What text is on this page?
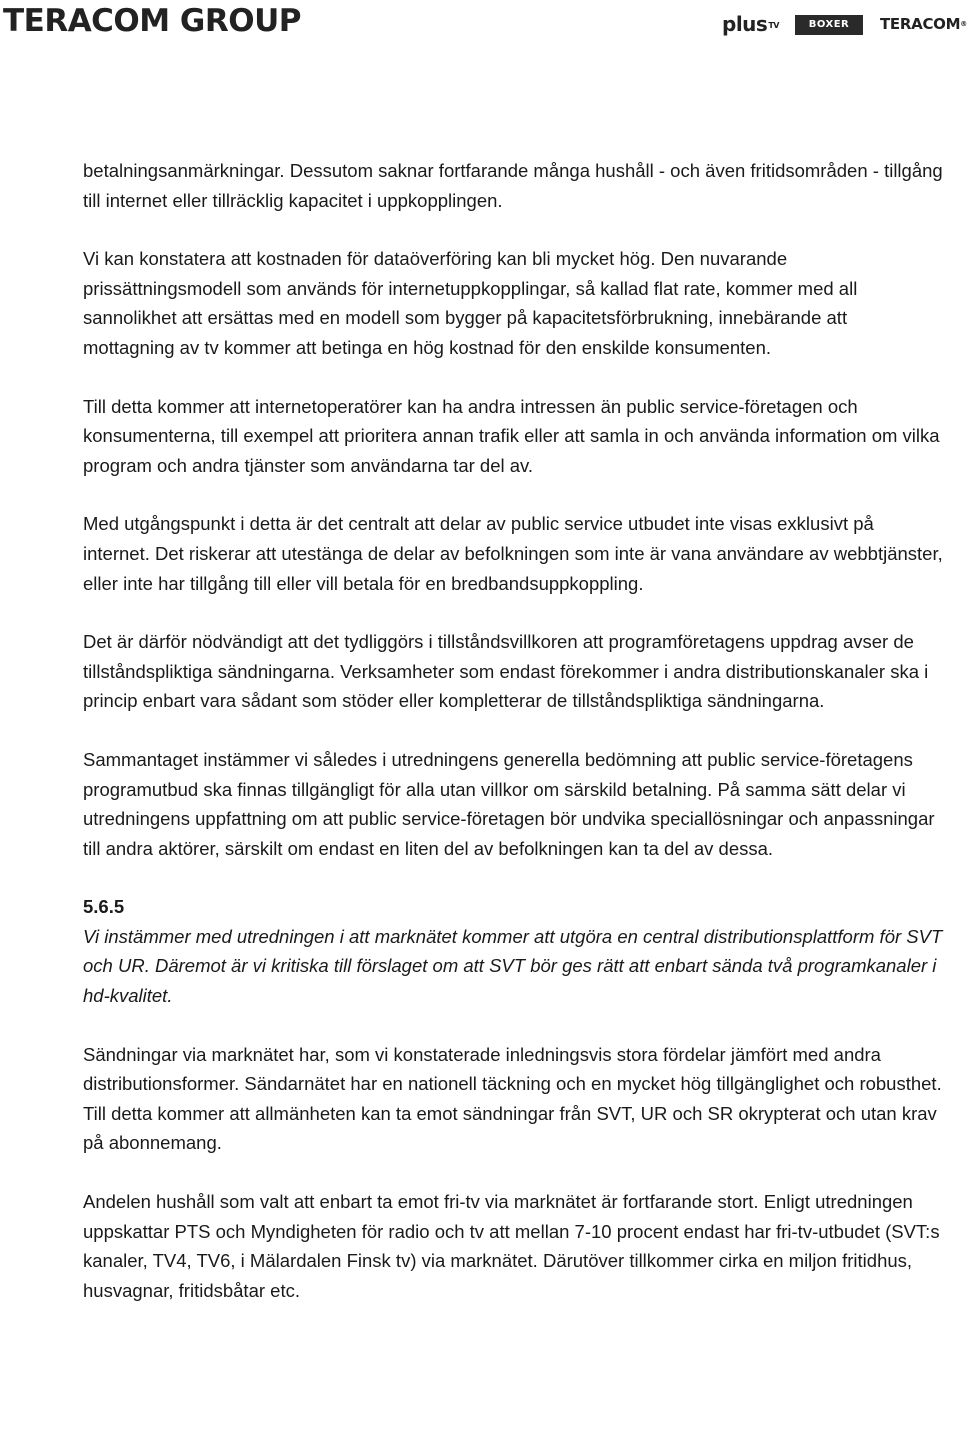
TERACOM GROUP	plus$^{TV}$	BOXER	TERACOM®

betalningsanmärkningar. Dessutom saknar fortfarande många hushåll - och även fritidsområden - tillgång till internet eller tillräcklig kapacitet i uppkopplingen.

Vi kan konstatera att kostnaden för dataöverföring kan bli mycket hög. Den nuvarande prissättningsmodell som används för internetuppkopplingar, så kallad flat rate, kommer med all sannolikhet att ersättas med en modell som bygger på kapacitetsförbrukning, innebärande att mottagning av tv kommer att betinga en hög kostnad för den enskilde konsumenten.

Till detta kommer att internetoperatörer kan ha andra intressen än public service-företagen och konsumenterna, till exempel att prioritera annan trafik eller att samla in och använda information om vilka program och andra tjänster som användarna tar del av.

Med utgångspunkt i detta är det centralt att delar av public service utbudet inte visas exklusivt på internet. Det riskerar att utestänga de delar av befolkningen som inte är vana användare av webbtjänster, eller inte har tillgång till eller vill betala för en bredbandsuppkoppling.

Det är därför nödvändigt att det tydliggörs i tillståndsvillkoren att programföretagens uppdrag avser de tillståndspliktiga sändningarna. Verksamheter som endast förekommer i andra distributionskanaler ska i princip enbart vara sådant som stöder eller kompletterar de tillståndspliktiga sändningarna.

Sammantaget instämmer vi således i utredningens generella bedömning att public service-företagens programutbud ska finnas tillgängligt för alla utan villkor om särskild betalning. På samma sätt delar vi utredningens uppfattning om att public service-företagen bör undvika speciallösningar och anpassningar till andra aktörer, särskilt om endast en liten del av befolkningen kan ta del av dessa.

5.6.5

Vi instämmer med utredningen i att marknätet kommer att utgöra en central distributionsplattform för SVT och UR. Däremot är vi kritiska till förslaget om att SVT bör ges rätt att enbart sända två programkanaler i hd-kvalitet.

Sändningar via marknätet har, som vi konstaterade inledningsvis stora fördelar jämfört med andra distributionsformer. Sändarnätet har en nationell täckning och en mycket hög tillgänglighet och robusthet. Till detta kommer att allmänheten kan ta emot sändningar från SVT, UR och SR okrypterat och utan krav på abonnemang.

Andelen hushåll som valt att enbart ta emot fri-tv via marknätet är fortfarande stort. Enligt utredningen uppskattar PTS och Myndigheten för radio och tv att mellan 7-10 procent endast har fri-tv-utbudet (SVT:s kanaler, TV4, TV6, i Mälardalen Finsk tv) via marknätet. Därutöver tillkommer cirka en miljon fritidhus, husvagnar, fritidsbåtar etc.
